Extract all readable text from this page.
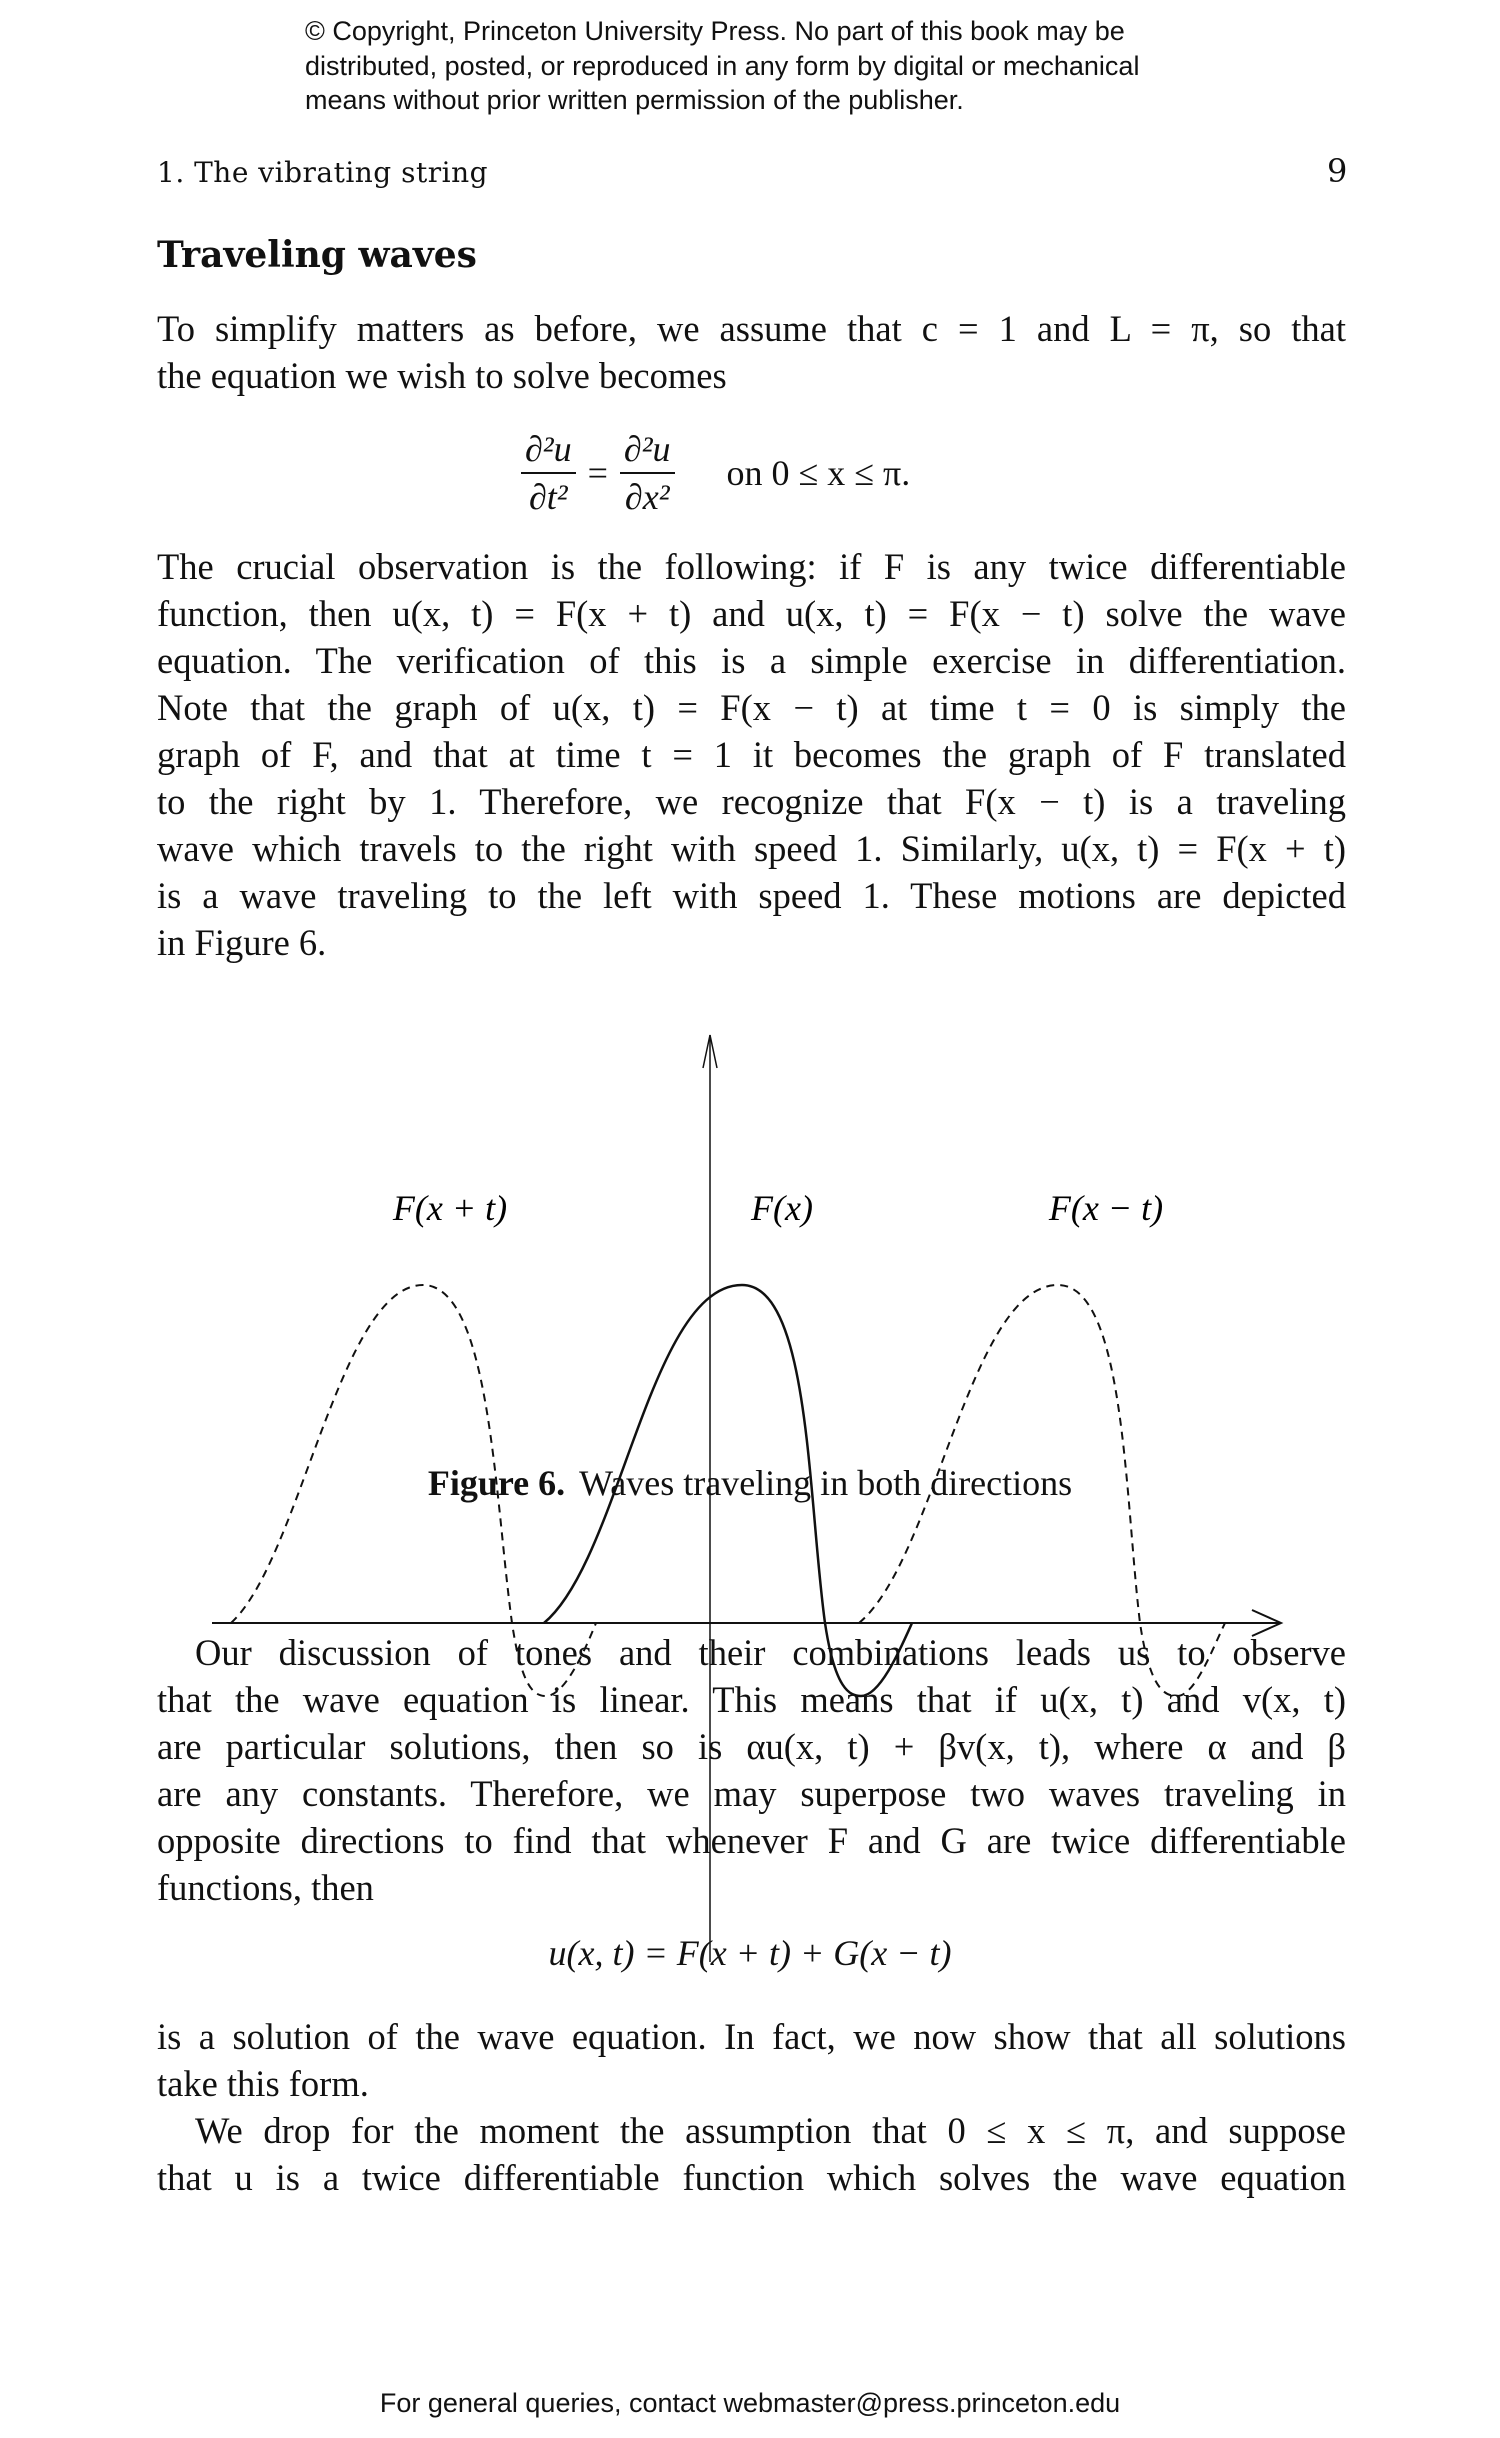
© Copyright, Princeton University Press. No part of this book may be
distributed, posted, or reproduced in any form by digital or mechanical
means without prior written permission of the publisher.
1. The vibrating string	9
Traveling waves
To simplify matters as before, we assume that c = 1 and L = π, so that
the equation we wish to solve becomes
$\frac{\text{∂²u}}{\text{∂t²}} = \frac{\text{∂²u}}{\text{∂x²}}$ on 0 ≤ x ≤ π.
The crucial observation is the following: if F is any twice differentiable
function, then u(x, t) = F(x + t) and u(x, t) = F(x − t) solve the wave
equation. The verification of this is a simple exercise in differentiation.
Note that the graph of u(x, t) = F(x − t) at time t = 0 is simply the
graph of F, and that at time t = 1 it becomes the graph of F translated
to the right by 1. Therefore, we recognize that F(x − t) is a traveling
wave which travels to the right with speed 1. Similarly, u(x, t) = F(x + t)
is a wave traveling to the left with speed 1. These motions are depicted
in Figure 6.
F(x + t)	F(x)	F(x − t)
Figure 6. Waves traveling in both directions
Our discussion of tones and their combinations leads us to observe
that the wave equation is linear. This means that if u(x, t) and v(x, t)
are particular solutions, then so is αu(x, t) + βv(x, t), where α and β
are any constants. Therefore, we may superpose two waves traveling in
opposite directions to find that whenever F and G are twice differentiable
functions, then
u(x, t) = F(x + t) + G(x − t)
is a solution of the wave equation. In fact, we now show that all solutions
take this form.
We drop for the moment the assumption that 0 ≤ x ≤ π, and suppose
that u is a twice differentiable function which solves the wave equation
For general queries, contact webmaster@press.princeton.edu
